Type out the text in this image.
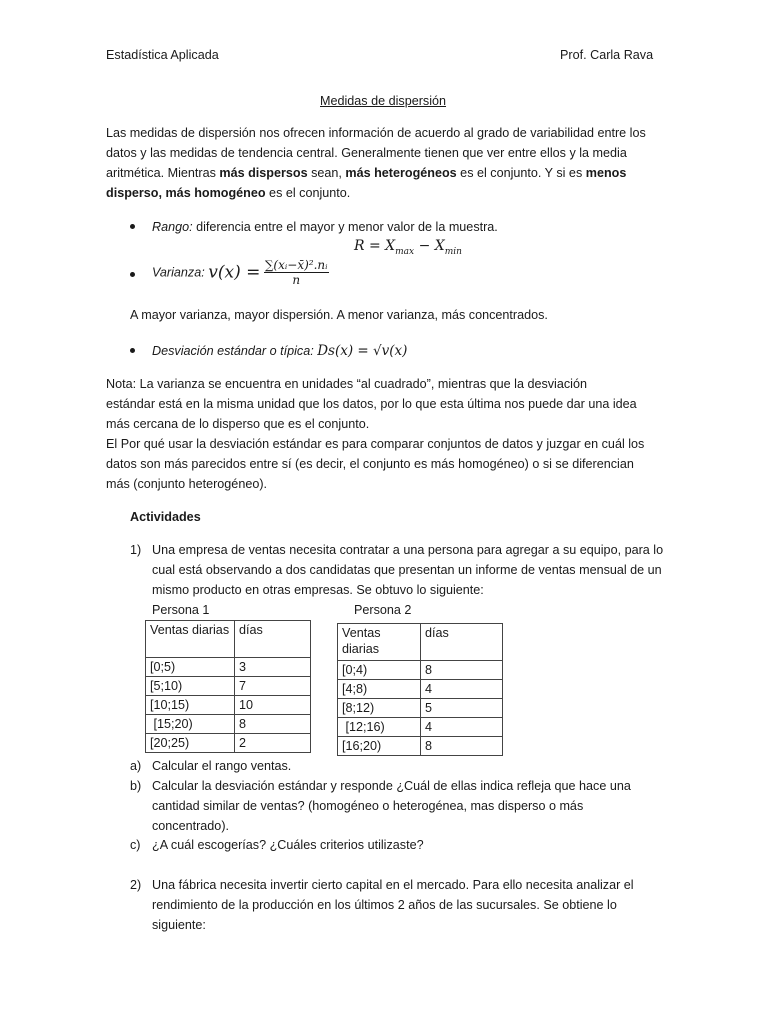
Estadística Aplicada	Prof. Carla Rava
Medidas de dispersión
Las medidas de dispersión nos ofrecen información de acuerdo al grado de variabilidad entre los
datos y las medidas de tendencia central. Generalmente tienen que ver entre ellos y la media
aritmética. Mientras más dispersos sean, más heterogéneos es el conjunto. Y si es menos
disperso, más homogéneo es el conjunto.
Rango: diferencia entre el mayor y menor valor de la muestra.
$R = X_{max} - X_{min}$
Varianza: $v(x) = \frac{\text{∑(xᵢ−x̄)².nᵢ}}{n}$
A mayor varianza, mayor dispersión. A menor varianza, más concentrados.
Desviación estándar o típica: Ds(x) = √v(x)
Nota: La varianza se encuentra en unidades “al cuadrado”, mientras que la desviación
estándar está en la misma unidad que los datos, por lo que esta última nos puede dar una idea
más cercana de lo disperso que es el conjunto.
El Por qué usar la desviación estándar es para comparar conjuntos de datos y juzgar en cuál los
datos son más parecidos entre sí (es decir, el conjunto es más homogéneo) o si se diferencian
más (conjunto heterogéneo).
Actividades
1) Una empresa de ventas necesita contratar a una persona para agregar a su equipo, para lo
cual está observando a dos candidatas que presentan un informe de ventas mensual de un
mismo producto en otras empresas. Se obtuvo lo siguiente:
Persona 1	Persona 2
Ventas diarias	días
[0;5)	3
[5;10)	7
[10;15)	10
[15;20)	8
[20;25)	2
Ventas diarias	días
[0;4)	8
[4;8)	4
[8;12)	5
[12;16)	4
[16;20)	8
a) Calcular el rango ventas.
b) Calcular la desviación estándar y responde ¿Cuál de ellas indica refleja que hace una
cantidad similar de ventas? (homogéneo o heterogénea, mas disperso o más
concentrado).
c) ¿A cuál escogerías? ¿Cuáles criterios utilizaste?
2) Una fábrica necesita invertir cierto capital en el mercado. Para ello necesita analizar el
rendimiento de la producción en los últimos 2 años de las sucursales. Se obtiene lo
siguiente:
